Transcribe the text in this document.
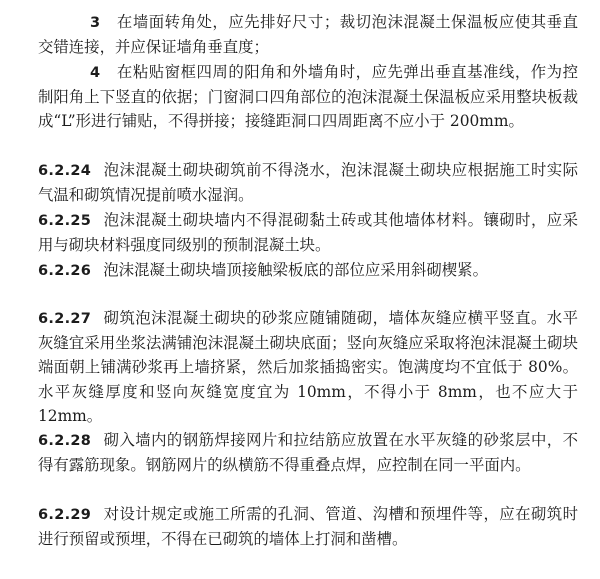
3 在墙面转角处，应先排好尺寸；裁切泡沫混凝土保温板应使其垂直交错连接，并应保证墙角垂直度；

4 在粘贴窗框四周的阳角和外墙角时，应先弹出垂直基准线，作为控制阳角上下竖直的依据；门窗洞口四角部位的泡沫混凝土保温板应采用整块板裁成“L”形进行铺贴，不得拼接；接缝距洞口四周距离不应小于 200mm。

6.2.24 泡沫混凝土砌块砌筑前不得浇水，泡沫混凝土砌块应根据施工时实际气温和砌筑情况提前喷水湿润。

6.2.25 泡沫混凝土砌块墙内不得混砌黏土砖或其他墙体材料。镶砌时，应采用与砌块材料强度同级别的预制混凝土块。

6.2.26 泡沫混凝土砌块墙顶接触梁板底的部位应采用斜砌楔紧。

6.2.27 砌筑泡沫混凝土砌块的砂浆应随铺随砌，墙体灰缝应横平竖直。水平灰缝宜采用坐浆法满铺泡沫混凝土砌块底面；竖向灰缝应采取将泡沫混凝土砌块端面朝上铺满砂浆再上墙挤紧，然后加浆插捣密实。饱满度均不宜低于 80%。水平灰缝厚度和竖向灰缝宽度宜为 10mm，不得小于 8mm，也不应大于 12mm。

6.2.28 砌入墙内的钢筋焊接网片和拉结筋应放置在水平灰缝的砂浆层中，不得有露筋现象。钢筋网片的纵横筋不得重叠点焊，应控制在同一平面内。

6.2.29 对设计规定或施工所需的孔洞、管道、沟槽和预埋件等，应在砌筑时进行预留或预埋，不得在已砌筑的墙体上打洞和凿槽。
